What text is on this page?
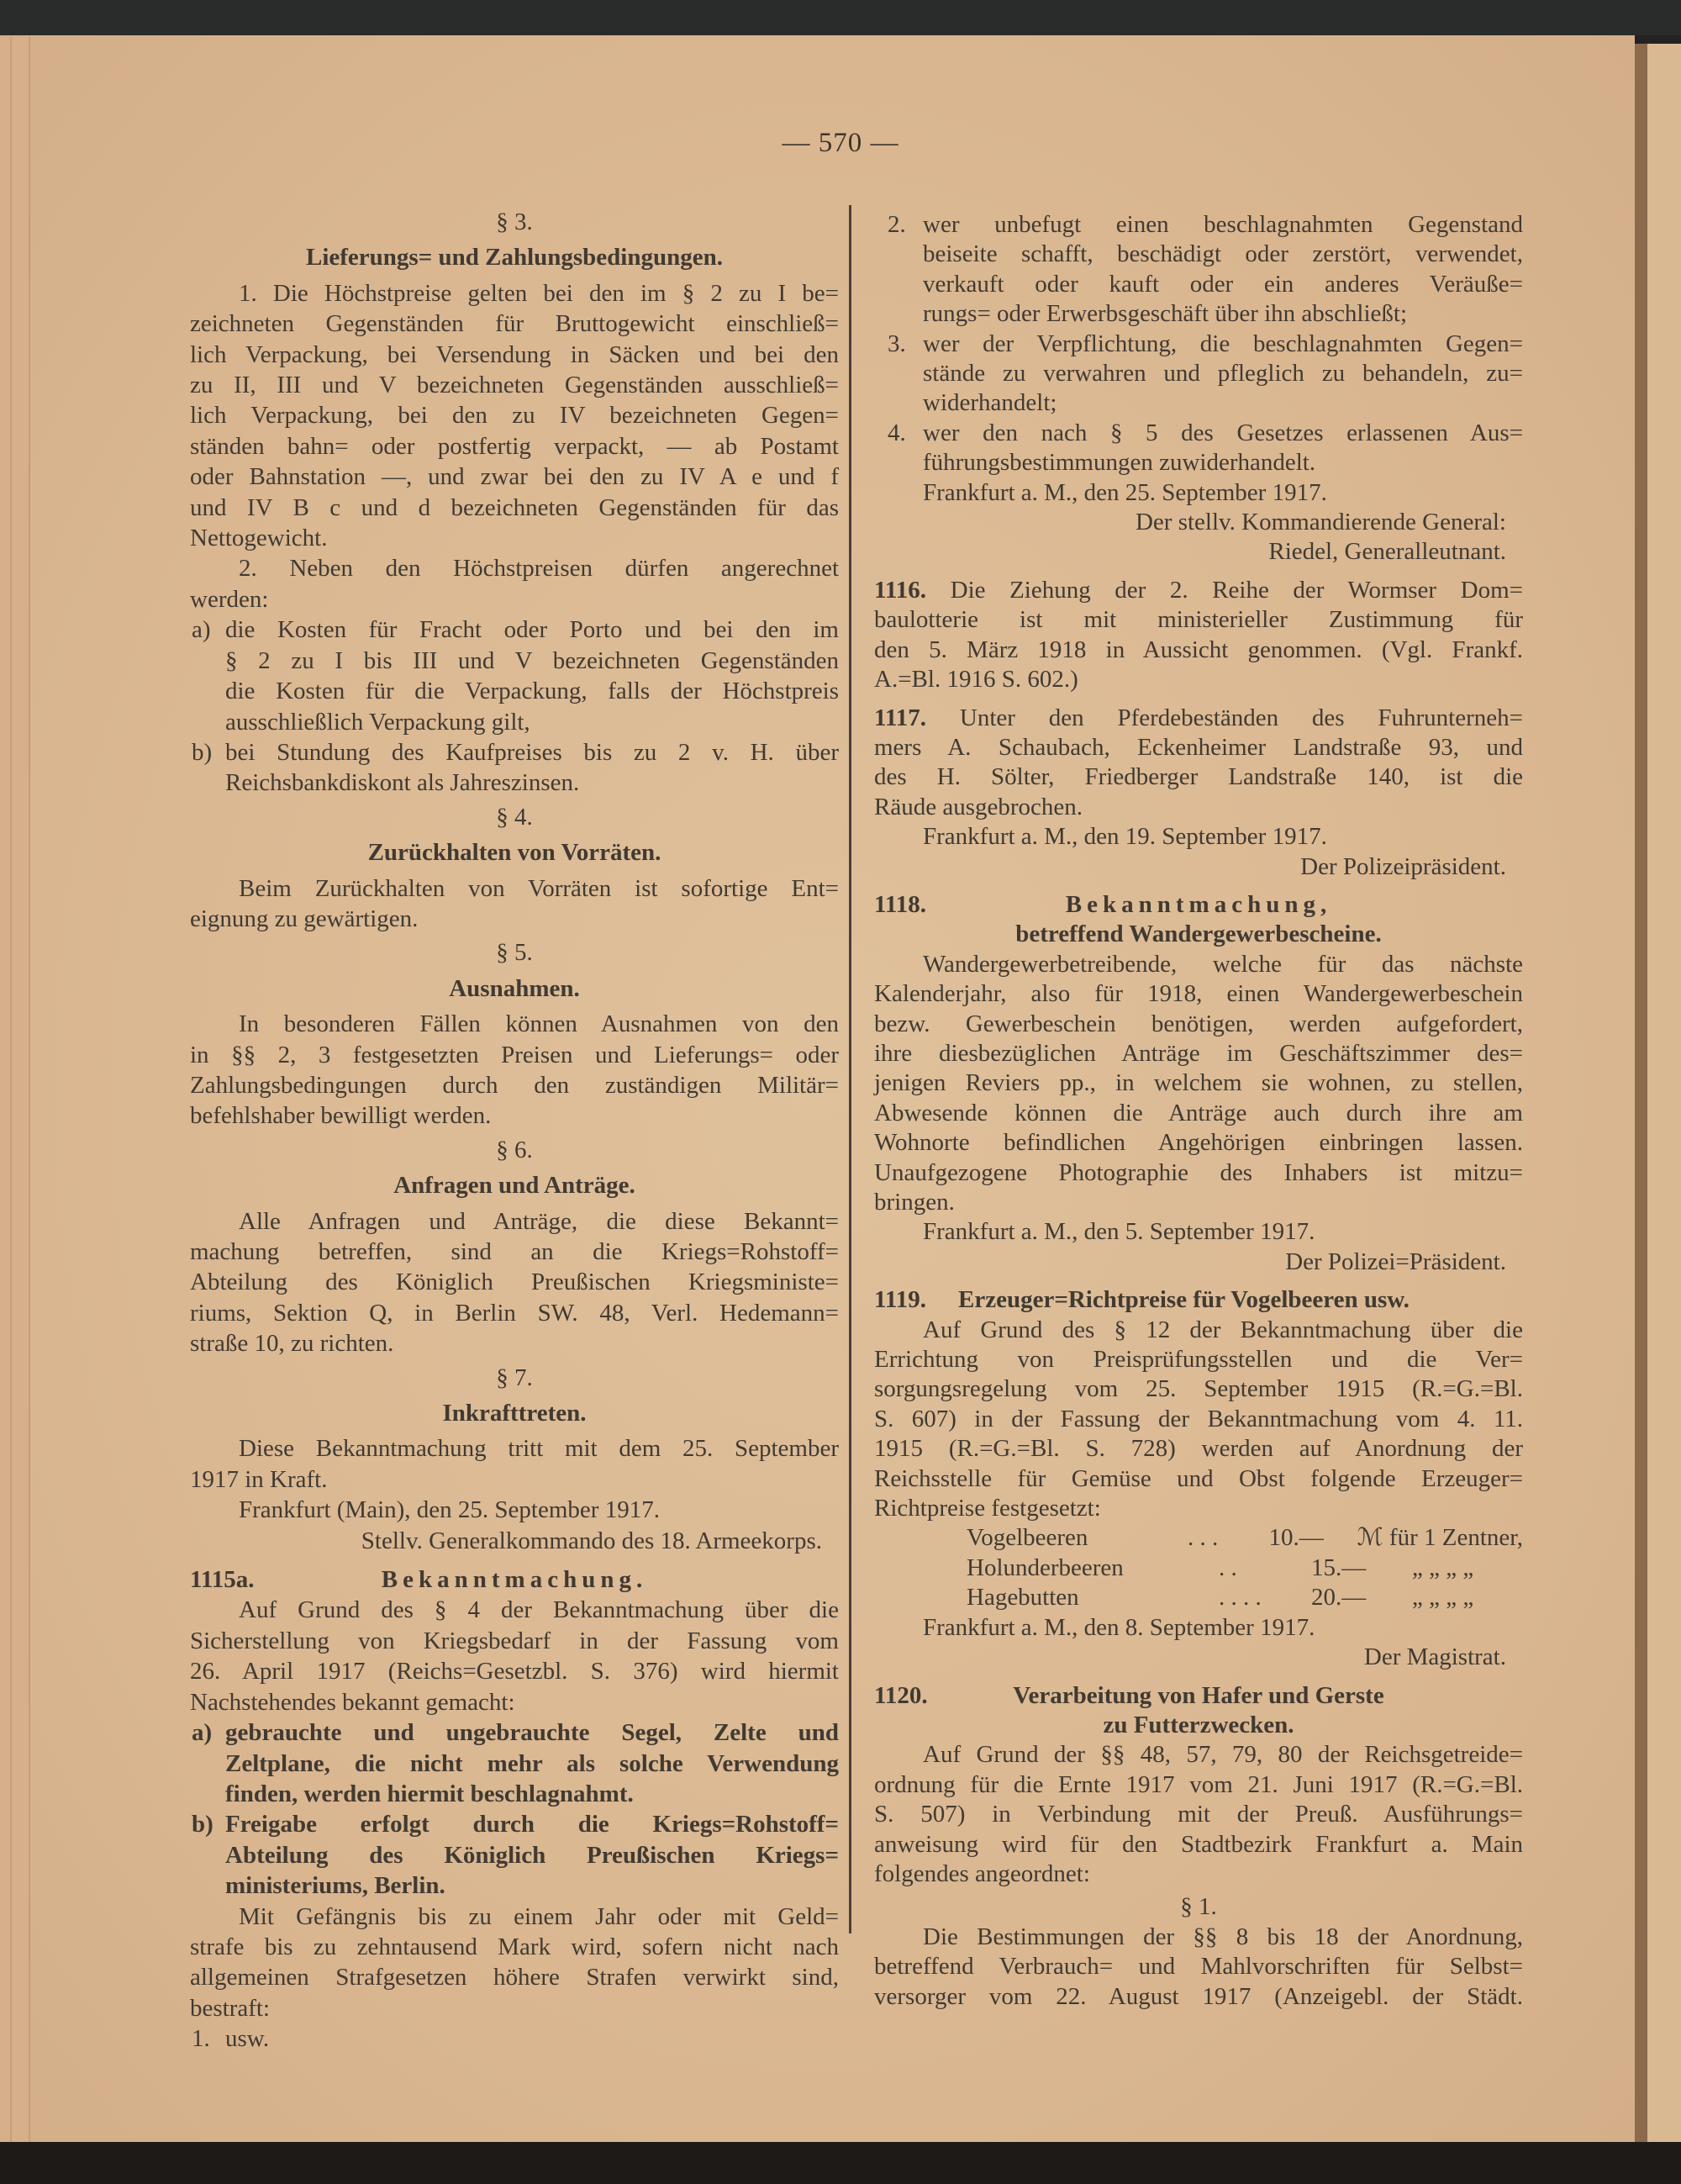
— 570 —
§ 3.
Lieferungs= und Zahlungsbedingungen.
1. Die Höchstpreise gelten bei den im § 2 zu I be=
zeichneten Gegenständen für Bruttogewicht einschließ=
lich Verpackung, bei Versendung in Säcken und bei den
zu II, III und V bezeichneten Gegenständen ausschließ=
lich Verpackung, bei den zu IV bezeichneten Gegen=
ständen bahn= oder postfertig verpackt, — ab Postamt
oder Bahnstation —, und zwar bei den zu IV A e und f
und IV B c und d bezeichneten Gegenständen für das
Nettogewicht.
2. Neben den Höchstpreisen dürfen angerechnet
werden:
a) die Kosten für Fracht oder Porto und bei den im
§ 2 zu I bis III und V bezeichneten Gegenständen
die Kosten für die Verpackung, falls der Höchstpreis
ausschließlich Verpackung gilt,
b) bei Stundung des Kaufpreises bis zu 2 v. H. über
Reichsbankdiskont als Jahreszinsen.
§ 4.
Zurückhalten von Vorräten.
Beim Zurückhalten von Vorräten ist sofortige Ent=
eignung zu gewärtigen.
§ 5.
Ausnahmen.
In besonderen Fällen können Ausnahmen von den
in §§ 2, 3 festgesetzten Preisen und Lieferungs= oder
Zahlungsbedingungen durch den zuständigen Militär=
befehlshaber bewilligt werden.
§ 6.
Anfragen und Anträge.
Alle Anfragen und Anträge, die diese Bekannt=
machung betreffen, sind an die Kriegs=Rohstoff=
Abteilung des Königlich Preußischen Kriegsministe=
riums, Sektion Q, in Berlin SW. 48, Verl. Hedemann=
straße 10, zu richten.
§ 7.
Inkrafttreten.
Diese Bekanntmachung tritt mit dem 25. September
1917 in Kraft.
Frankfurt (Main), den 25. September 1917.
Stellv. Generalkommando des 18. Armeekorps.
1115a.	Bekanntmachung.
Auf Grund des § 4 der Bekanntmachung über die
Sicherstellung von Kriegsbedarf in der Fassung vom
26. April 1917 (Reichs=Gesetzbl. S. 376) wird hiermit
Nachstehendes bekannt gemacht:
a) gebrauchte und ungebrauchte Segel, Zelte und
Zeltplane, die nicht mehr als solche Verwendung
finden, werden hiermit beschlagnahmt.
b) Freigabe erfolgt durch die Kriegs=Rohstoff=
Abteilung des Königlich Preußischen Kriegs=
ministeriums, Berlin.
Mit Gefängnis bis zu einem Jahr oder mit Geld=
strafe bis zu zehntausend Mark wird, sofern nicht nach
allgemeinen Strafgesetzen höhere Strafen verwirkt sind,
bestraft:
1. usw.
2. wer unbefugt einen beschlagnahmten Gegenstand
beiseite schafft, beschädigt oder zerstört, verwendet,
verkauft oder kauft oder ein anderes Veräuße=
rungs= oder Erwerbsgeschäft über ihn abschließt;
3. wer der Verpflichtung, die beschlagnahmten Gegen=
stände zu verwahren und pfleglich zu behandeln, zu=
widerhandelt;
4. wer den nach § 5 des Gesetzes erlassenen Aus=
führungsbestimmungen zuwiderhandelt.
Frankfurt a. M., den 25. September 1917.
Der stellv. Kommandierende General:
Riedel, Generalleutnant.
1116. Die Ziehung der 2. Reihe der Wormser Dom=
baulotterie ist mit ministerieller Zustimmung für
den 5. März 1918 in Aussicht genommen. (Vgl. Frankf.
A.=Bl. 1916 S. 602.)
1117. Unter den Pferdebeständen des Fuhrunterneh=
mers A. Schaubach, Eckenheimer Landstraße 93, und
des H. Sölter, Friedberger Landstraße 140, ist die
Räude ausgebrochen.
Frankfurt a. M., den 19. September 1917.
Der Polizeipräsident.
1118.	Bekanntmachung,
betreffend Wandergewerbescheine.
Wandergewerbetreibende, welche für das nächste
Kalenderjahr, also für 1918, einen Wandergewerbeschein
bezw. Gewerbeschein benötigen, werden aufgefordert,
ihre diesbezüglichen Anträge im Geschäftszimmer des=
jenigen Reviers pp., in welchem sie wohnen, zu stellen,
Abwesende können die Anträge auch durch ihre am
Wohnorte befindlichen Angehörigen einbringen lassen.
Unaufgezogene Photographie des Inhabers ist mitzu=
bringen.
Frankfurt a. M., den 5. September 1917.
Der Polizei=Präsident.
1119.	Erzeuger=Richtpreise für Vogelbeeren usw.
Auf Grund des § 12 der Bekanntmachung über die
Errichtung von Preisprüfungsstellen und die Ver=
sorgungsregelung vom 25. September 1915 (R.=G.=Bl.
S. 607) in der Fassung der Bekanntmachung vom 4. 11.
1915 (R.=G.=Bl. S. 728) werden auf Anordnung der
Reichsstelle für Gemüse und Obst folgende Erzeuger=
Richtpreise festgesetzt:
Vogelbeeren	. . .	10.—	ℳ für 1 Zentner,
Holunderbeeren	. .	15.—	„ „ „ „
Hagebutten	. . . .	20.—	„ „ „ „
Frankfurt a. M., den 8. September 1917.
Der Magistrat.
1120.	Verarbeitung von Hafer und Gerste
zu Futterzwecken.
Auf Grund der §§ 48, 57, 79, 80 der Reichsgetreide=
ordnung für die Ernte 1917 vom 21. Juni 1917 (R.=G.=Bl.
S. 507) in Verbindung mit der Preuß. Ausführungs=
anweisung wird für den Stadtbezirk Frankfurt a. Main
folgendes angeordnet:
§ 1.
Die Bestimmungen der §§ 8 bis 18 der Anordnung,
betreffend Verbrauch= und Mahlvorschriften für Selbst=
versorger vom 22. August 1917 (Anzeigebl. der Städt.
